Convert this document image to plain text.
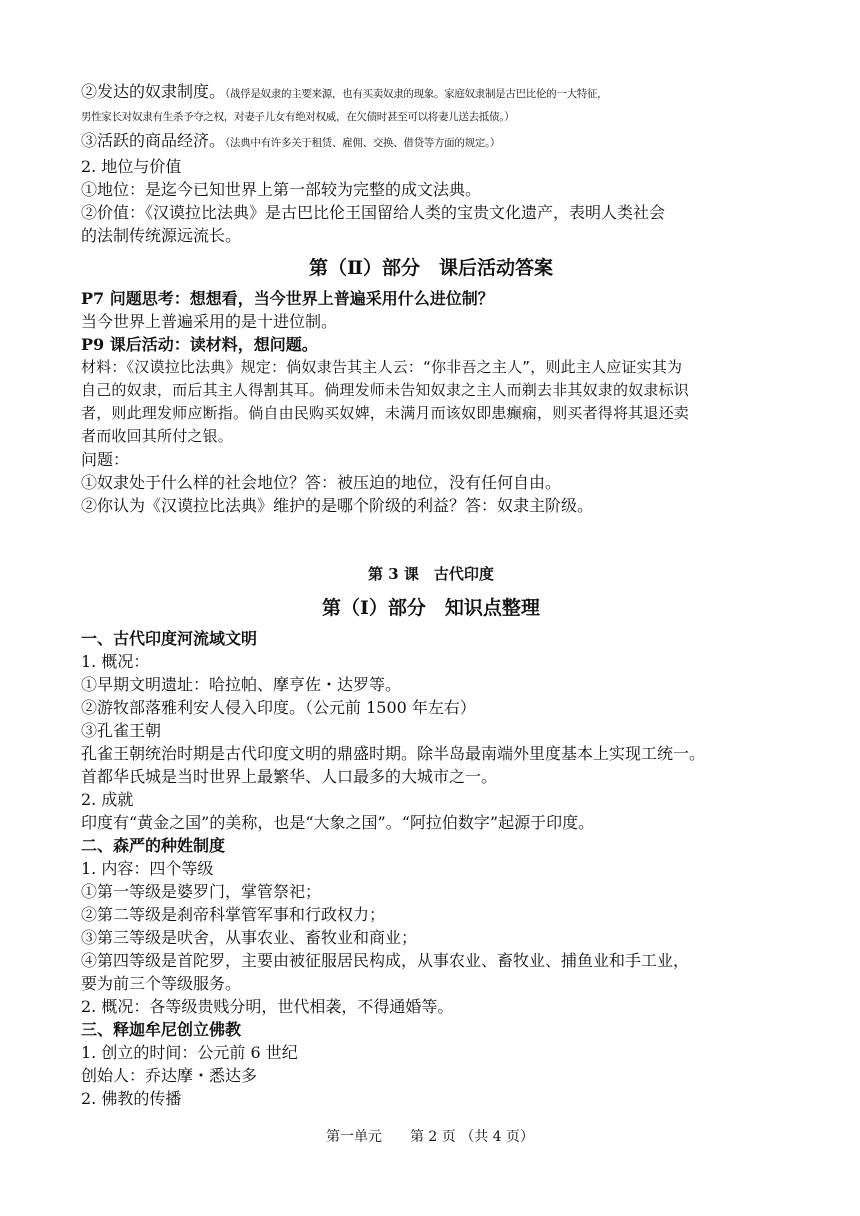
②发达的奴隶制度。（战俘是奴隶的主要来源，也有买卖奴隶的现象。家庭奴隶制是古巴比伦的一大特征，
男性家长对奴隶有生杀予夺之权，对妻子儿女有绝对权威，在欠债时甚至可以将妻儿送去抵债。）
③活跃的商品经济。（法典中有许多关于租赁、雇佣、交换、借贷等方面的规定。）
2. 地位与价值
①地位：是迄今已知世界上第一部较为完整的成文法典。
②价值：《汉谟拉比法典》是古巴比伦王国留给人类的宝贵文化遗产，表明人类社会
的法制传统源远流长。
第（Ⅱ）部分　课后活动答案
P7 问题思考：想想看，当今世界上普遍采用什么进位制？
当今世界上普遍采用的是十进位制。
P9 课后活动：读材料，想问题。
材料：《汉谟拉比法典》规定：倘奴隶告其主人云：“你非吾之主人”，则此主人应证实其为
自己的奴隶，而后其主人得割其耳。倘理发师未告知奴隶之主人而剃去非其奴隶的奴隶标识
者，则此理发师应断指。倘自由民购买奴婢，未满月而该奴即患癫痫，则买者得将其退还卖
者而收回其所付之银。
问题：
①奴隶处于什么样的社会地位？答：被压迫的地位，没有任何自由。
②你认为《汉谟拉比法典》维护的是哪个阶级的利益？答：奴隶主阶级。
第 3 课　古代印度
第（Ⅰ）部分　知识点整理
一、古代印度河流域文明
1. 概况：
①早期文明遗址：哈拉帕、摩亨佐・达罗等。
②游牧部落雅利安人侵入印度。（公元前 1500 年左右）
③孔雀王朝
孔雀王朝统治时期是古代印度文明的鼎盛时期。除半岛最南端外里度基本上实现工统一。
首都华氏城是当时世界上最繁华、人口最多的大城市之一。
2. 成就
印度有“黄金之国”的美称，也是“大象之国”。“阿拉伯数字”起源于印度。
二、森严的种姓制度
1. 内容：四个等级
①第一等级是婆罗门，掌管祭祀；
②第二等级是刹帝科掌管军事和行政权力；
③第三等级是吠舍，从事农业、畜牧业和商业；
④第四等级是首陀罗，主要由被征服居民构成，从事农业、畜牧业、捕鱼业和手工业，
要为前三个等级服务。
2. 概况：各等级贵贱分明，世代相袭，不得通婚等。
三、释迦牟尼创立佛教
1. 创立的时间：公元前 6 世纪
创始人：乔达摩・悉达多
2. 佛教的传播
第一单元　　第 2 页 （共 4 页）
